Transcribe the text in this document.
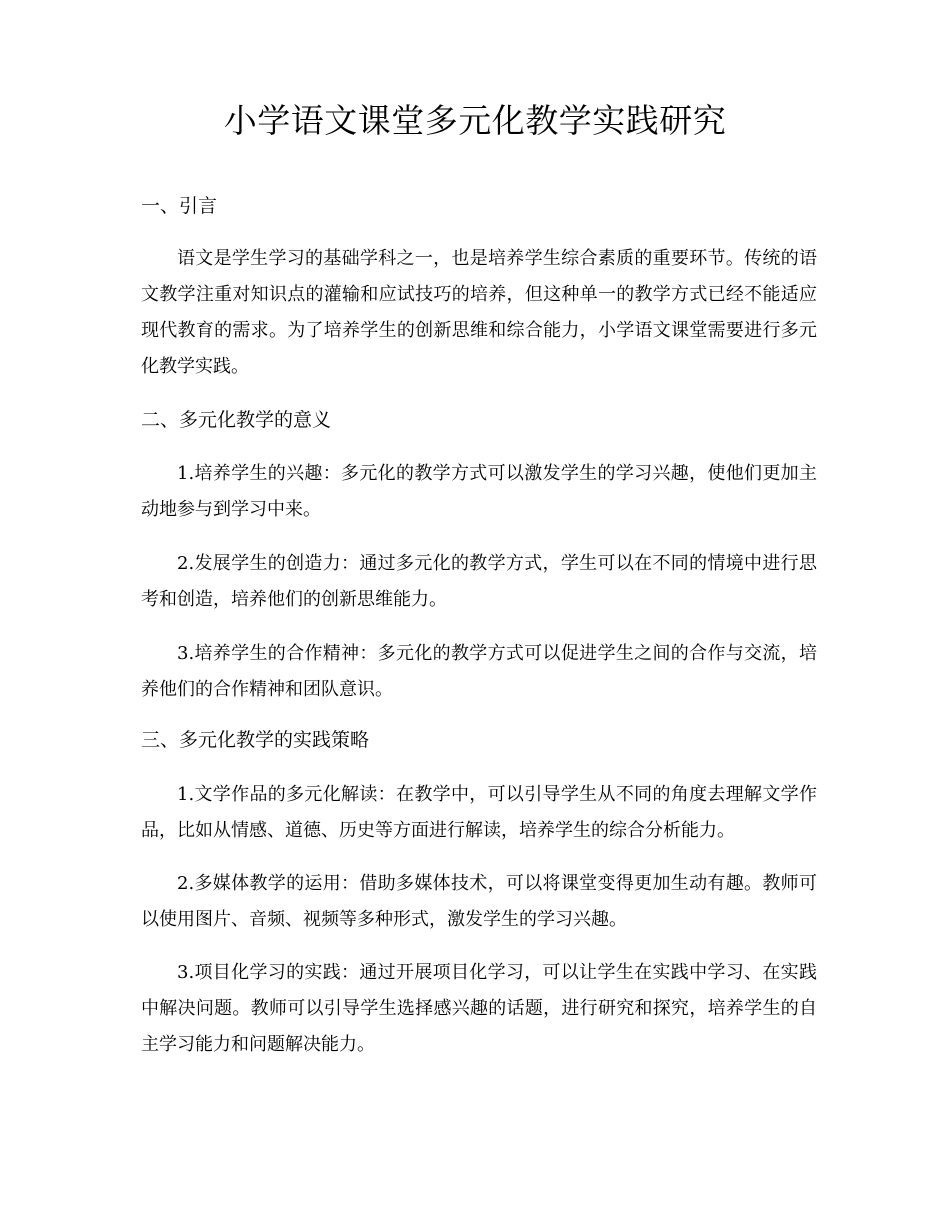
小学语文课堂多元化教学实践研究
一、引言

语文是学生学习的基础学科之一，也是培养学生综合素质的重要环节。传统的语文教学注重对知识点的灌输和应试技巧的培养，但这种单一的教学方式已经不能适应现代教育的需求。为了培养学生的创新思维和综合能力，小学语文课堂需要进行多元化教学实践。

二、多元化教学的意义

1.培养学生的兴趣：多元化的教学方式可以激发学生的学习兴趣，使他们更加主动地参与到学习中来。

2.发展学生的创造力：通过多元化的教学方式，学生可以在不同的情境中进行思考和创造，培养他们的创新思维能力。

3.培养学生的合作精神：多元化的教学方式可以促进学生之间的合作与交流，培养他们的合作精神和团队意识。

三、多元化教学的实践策略

1.文学作品的多元化解读：在教学中，可以引导学生从不同的角度去理解文学作品，比如从情感、道德、历史等方面进行解读，培养学生的综合分析能力。

2.多媒体教学的运用：借助多媒体技术，可以将课堂变得更加生动有趣。教师可以使用图片、音频、视频等多种形式，激发学生的学习兴趣。

3.项目化学习的实践：通过开展项目化学习，可以让学生在实践中学习、在实践中解决问题。教师可以引导学生选择感兴趣的话题，进行研究和探究，培养学生的自主学习能力和问题解决能力。
